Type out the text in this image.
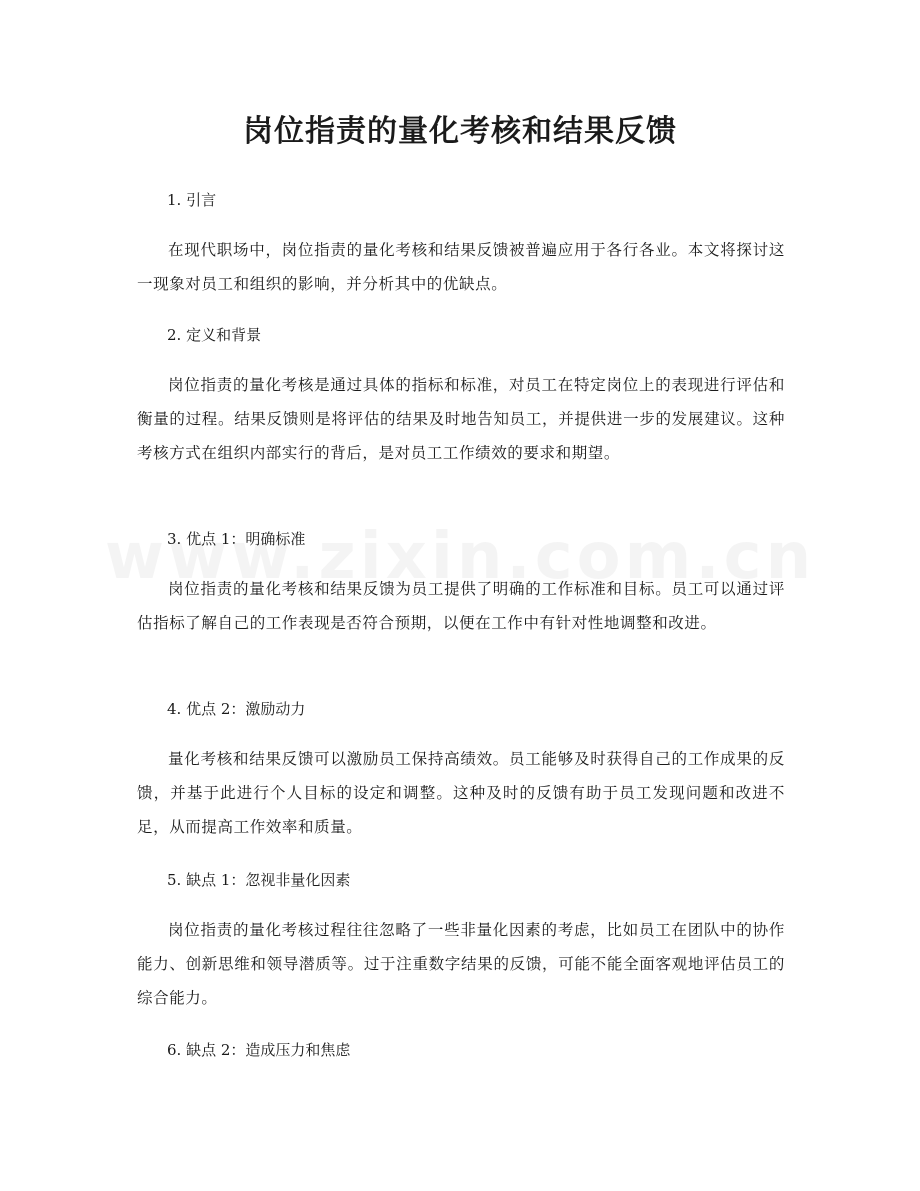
岗位指责的量化考核和结果反馈

1. 引言

在现代职场中，岗位指责的量化考核和结果反馈被普遍应用于各行各业。本文将探讨这一现象对员工和组织的影响，并分析其中的优缺点。

2. 定义和背景

岗位指责的量化考核是通过具体的指标和标准，对员工在特定岗位上的表现进行评估和衡量的过程。结果反馈则是将评估的结果及时地告知员工，并提供进一步的发展建议。这种考核方式在组织内部实行的背后，是对员工工作绩效的要求和期望。

3. 优点 1：明确标准

岗位指责的量化考核和结果反馈为员工提供了明确的工作标准和目标。员工可以通过评估指标了解自己的工作表现是否符合预期，以便在工作中有针对性地调整和改进。

4. 优点 2：激励动力

量化考核和结果反馈可以激励员工保持高绩效。员工能够及时获得自己的工作成果的反馈，并基于此进行个人目标的设定和调整。这种及时的反馈有助于员工发现问题和改进不足，从而提高工作效率和质量。

5. 缺点 1：忽视非量化因素

岗位指责的量化考核过程往往忽略了一些非量化因素的考虑，比如员工在团队中的协作能力、创新思维和领导潜质等。过于注重数字结果的反馈，可能不能全面客观地评估员工的综合能力。

6. 缺点 2：造成压力和焦虑
